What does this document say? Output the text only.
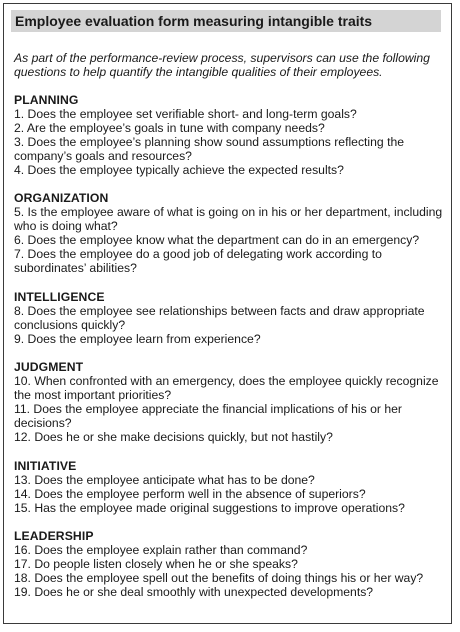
Employee evaluation form measuring intangible traits
As part of the performance-review process, supervisors can use the following questions to help quantify the intangible qualities of their employees.
PLANNING
1. Does the employee set verifiable short- and long-term goals?
2. Are the employee’s goals in tune with company needs?
3. Does the employee’s planning show sound assumptions reflecting the company’s goals and resources?
4. Does the employee typically achieve the expected results?
ORGANIZATION
5. Is the employee aware of what is going on in his or her department, including who is doing what?
6. Does the employee know what the department can do in an emergency?
7. Does the employee do a good job of delegating work according to subordinates’ abilities?
INTELLIGENCE
8. Does the employee see relationships between facts and draw appropriate conclusions quickly?
9. Does the employee learn from experience?
JUDGMENT
10. When confronted with an emergency, does the employee quickly recognize the most important priorities?
11. Does the employee appreciate the financial implications of his or her decisions?
12. Does he or she make decisions quickly, but not hastily?
INITIATIVE
13. Does the employee anticipate what has to be done?
14. Does the employee perform well in the absence of superiors?
15. Has the employee made original suggestions to improve operations?
LEADERSHIP
16. Does the employee explain rather than command?
17. Do people listen closely when he or she speaks?
18. Does the employee spell out the benefits of doing things his or her way?
19. Does he or she deal smoothly with unexpected developments?
